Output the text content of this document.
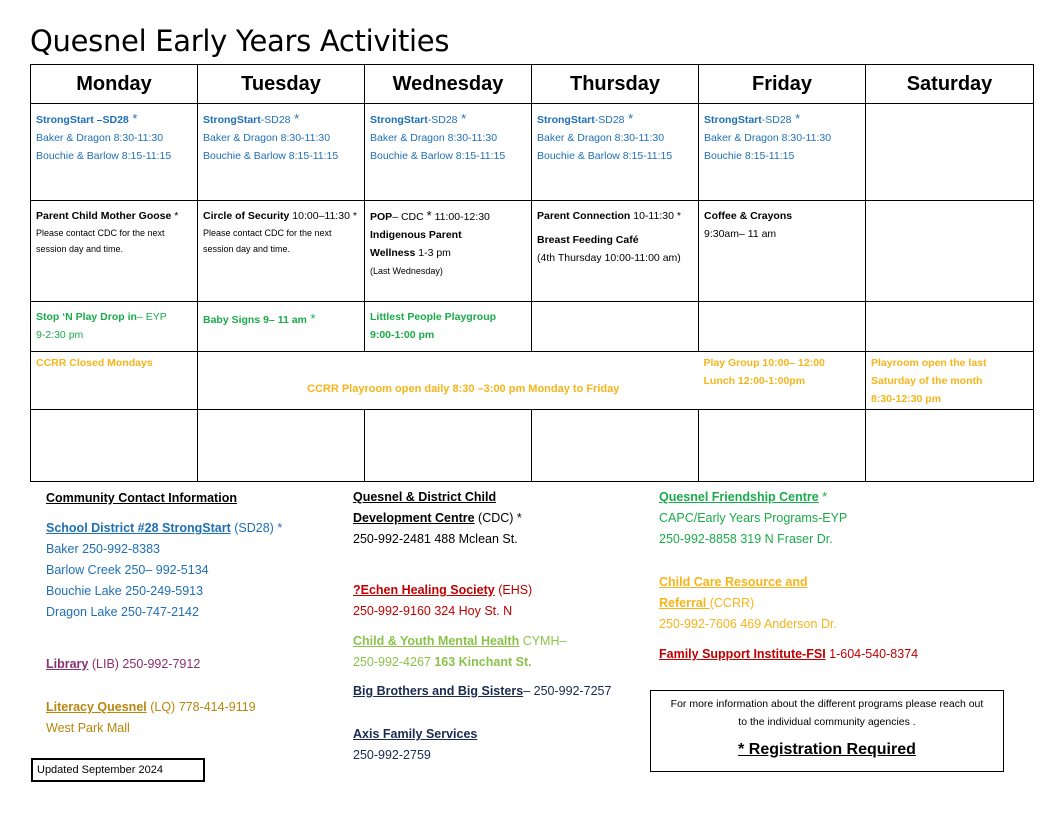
Quesnel Early Years Activities
Monday	Tuesday	Wednesday	Thursday	Friday	Saturday

StrongStart –SD28 *
Baker & Dragon 8:30-11:30
Bouchie & Barlow 8:15-11:15	StrongStart-SD28 *
Baker & Dragon 8:30-11:30
Bouchie & Barlow 8:15-11:15	StrongStart-SD28 *
Baker & Dragon 8:30-11:30
Bouchie & Barlow 8:15-11:15	StrongStart-SD28 *
Baker & Dragon 8:30-11:30
Bouchie & Barlow 8:15-11:15	StrongStart-SD28 *
Baker & Dragon 8:30-11:30
Bouchie 8:15-11:15	

Parent Child Mother Goose *

Please contact CDC for the next
session day and time.	Circle of Security 10:00–11:30 *

Please contact CDC for the next
session day and time.	POP– CDC * 11:00-12:30
Indigenous Parent
Wellness 1-3 pm
(Last Wednesday)	Parent Connection 10-11:30 *

Breast Feeding Café
(4th Thursday 10:00-11:00 am)	Coffee & Crayons
9:30am– 11 am	

Stop ‘N Play Drop in– EYP
9-2:30 pm	Baby Signs 9– 11 am *	Littlest People Playgroup
9:00-1:00 pm			

CCRR Closed Mondays				Play Group 10:00– 12:00
Lunch 12:00-1:00pm	Playroom open the last
Saturday of the month
8:30-12:30 pm

CCRR Playroom open daily 8:30 –3:00 pm Monday to Friday
Community Contact Information
School District #28 StrongStart (SD28) *
Baker 250-992-8383
Barlow Creek 250– 992-5134
Bouchie Lake 250-249-5913
Dragon Lake 250-747-2142
Library (LIB) 250-992-7912
Literacy Quesnel (LQ) 778-414-9119
West Park Mall
Quesnel & District Child
Development Centre (CDC) *
250-992-2481 488 Mclean St.
?Echen Healing Society (EHS)
250-992-9160 324 Hoy St. N
Child & Youth Mental Health CYMH–
250-992-4267 163 Kinchant St.
Big Brothers and Big Sisters– 250-992-7257
Axis Family Services
250-992-2759
Quesnel Friendship Centre *
CAPC/Early Years Programs-EYP
250-992-8858 319 N Fraser Dr.
Child Care Resource and
Referral (CCRR)
250-992-7606 469 Anderson Dr.
Family Support Institute-FSI 1-604-540-8374
For more information about the different programs please reach out
to the individual community agencies .
* Registration Required
Updated September 2024
